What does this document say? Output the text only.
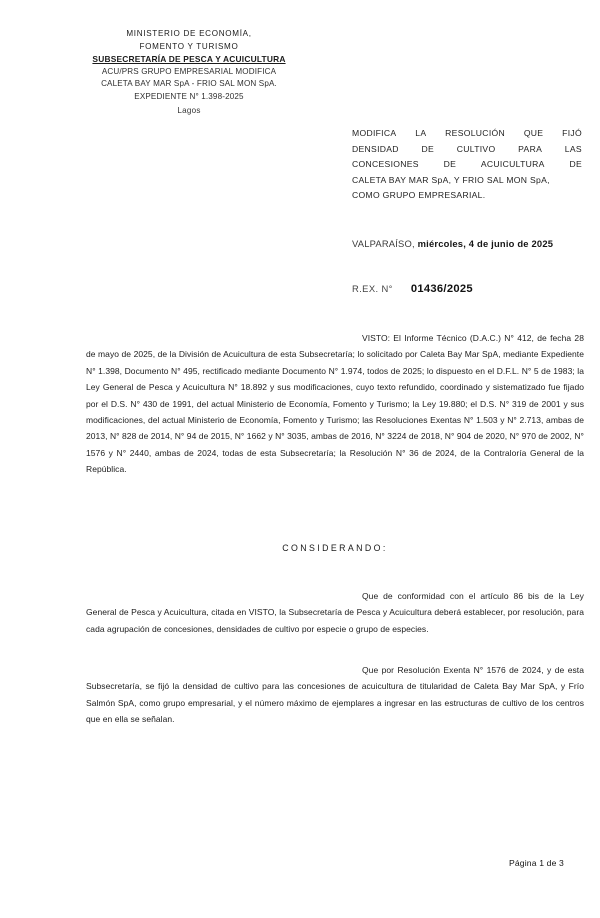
MINISTERIO DE ECONOMÍA,
FOMENTO Y TURISMO
SUBSECRETARÍA DE PESCA Y ACUICULTURA
ACU/PRS GRUPO EMPRESARIAL MODIFICA
CALETA BAY MAR SpA - FRIO SAL MON SpA.
EXPEDIENTE N° 1.398-2025
Lagos
MODIFICA LA RESOLUCIÓN QUE FIJÓ
DENSIDAD	DE	CULTIVO	PARA	LAS
CONCESIONES	DE	ACUICULTURA	DE
CALETA BAY MAR SpA, Y FRIO SAL MON SpA,
COMO GRUPO EMPRESARIAL.
VALPARAÍSO, miércoles, 4 de junio de 2025
R.EX. N° 01436/2025

VISTO: El Informe Técnico (D.A.C.) N° 412, de fecha 28 de mayo de 2025, de la División de Acuicultura de esta Subsecretaría; lo solicitado por Caleta Bay Mar SpA, mediante Expediente N° 1.398, Documento N° 495, rectificado mediante Documento N° 1.974, todos de 2025; lo dispuesto en el D.F.L. N° 5 de 1983; la Ley General de Pesca y Acuicultura N° 18.892 y sus modificaciones, cuyo texto refundido, coordinado y sistematizado fue fijado por el D.S. N° 430 de 1991, del actual Ministerio de Economía, Fomento y Turismo; la Ley 19.880; el D.S. N° 319 de 2001 y sus modificaciones, del actual Ministerio de Economía, Fomento y Turismo; las Resoluciones Exentas N° 1.503 y N° 2.713, ambas de 2013, N° 828 de 2014, N° 94 de 2015, N° 1662 y N° 3035, ambas de 2016, N° 3224 de 2018, N° 904 de 2020, N° 970 de 2002, N° 1576 y N° 2440, ambas de 2024, todas de esta Subsecretaría; la Resolución N° 36 de 2024, de la Contraloría General de la República.

CONSIDERANDO:

Que de conformidad con el artículo 86 bis de la Ley General de Pesca y Acuicultura, citada en VISTO, la Subsecretaría de Pesca y Acuicultura deberá establecer, por resolución, para cada agrupación de concesiones, densidades de cultivo por especie o grupo de especies.

Que por Resolución Exenta N° 1576 de 2024, y de esta Subsecretaría, se fijó la densidad de cultivo para las concesiones de acuicultura de titularidad de Caleta Bay Mar SpA, y Frío Salmón SpA, como grupo empresarial, y el número máximo de ejemplares a ingresar en las estructuras de cultivo de los centros que en ella se señalan.

Página 1 de 3
